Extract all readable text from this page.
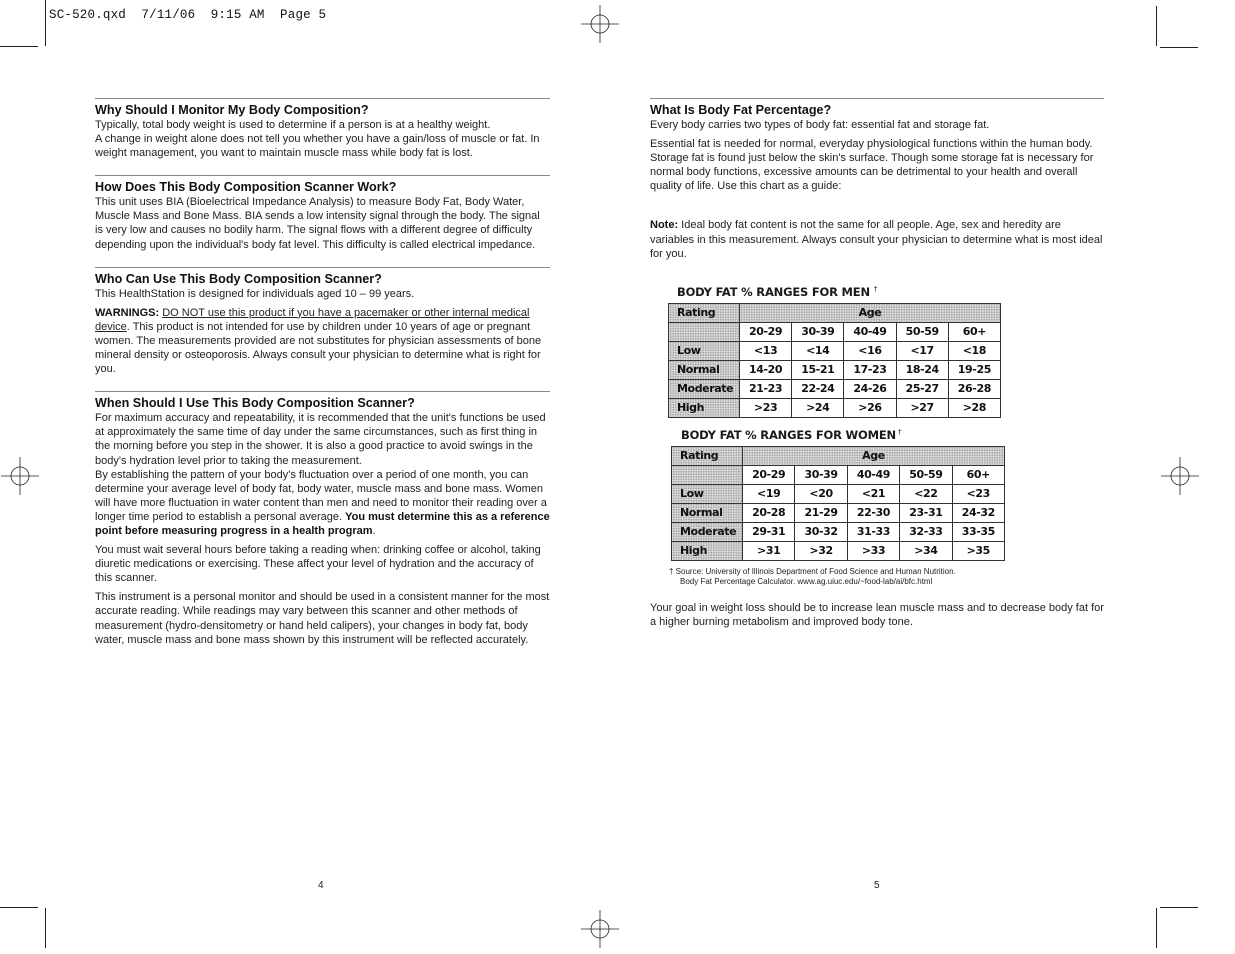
SC-520.qxd  7/11/06  9:15 AM  Page 5
Why Should I Monitor My Body Composition?

Typically, total body weight is used to determine if a person is at a healthy weight.
A change in weight alone does not tell you whether you have a gain/loss of muscle or fat. In weight management, you want to maintain muscle mass while body fat is lost.

How Does This Body Composition Scanner Work?

This unit uses BIA (Bioelectrical Impedance Analysis) to measure Body Fat, Body Water, Muscle Mass and Bone Mass. BIA sends a low intensity signal through the body. The signal is very low and causes no bodily harm. The signal flows with a different degree of difficulty depending upon the individual's body fat level. This difficulty is called electrical impedance.

Who Can Use This Body Composition Scanner?

This HealthStation is designed for individuals aged 10 – 99 years.

WARNINGS: DO NOT use this product if you have a pacemaker or other internal medical device. This product is not intended for use by children under 10 years of age or pregnant women. The measurements provided are not substitutes for physician assessments of bone mineral density or osteoporosis. Always consult your physician to determine what is right for you.

When Should I Use This Body Composition Scanner?

For maximum accuracy and repeatability, it is recommended that the unit's functions be used at approximately the same time of day under the same circumstances, such as first thing in the morning before you step in the shower. It is also a good practice to avoid swings in the body's hydration level prior to taking the measurement.
By establishing the pattern of your body's fluctuation over a period of one month, you can determine your average level of body fat, body water, muscle mass and bone mass. Women will have more fluctuation in water content than men and need to monitor their reading over a longer time period to establish a personal average. You must determine this as a reference point before measuring progress in a health program.

You must wait several hours before taking a reading when: drinking coffee or alcohol, taking diuretic medications or exercising. These affect your level of hydration and the accuracy of this scanner.

This instrument is a personal monitor and should be used in a consistent manner for the most accurate reading. While readings may vary between this scanner and other methods of measurement (hydro-densitometry or hand held calipers), your changes in body fat, body water, muscle mass and bone mass shown by this instrument will be reflected accurately.

4
What Is Body Fat Percentage?

Every body carries two types of body fat: essential fat and storage fat.

Essential fat is needed for normal, everyday physiological functions within the human body. Storage fat is found just below the skin's surface. Though some storage fat is necessary for normal body functions, excessive amounts can be detrimental to your health and overall quality of life. Use this chart as a guide:

Note: Ideal body fat content is not the same for all people. Age, sex and heredity are variables in this measurement. Always consult your physician to determine what is most ideal for you.

BODY FAT % RANGES FOR MEN †
Rating	Age				
	20-29	30-39	40-49	50-59	60+
Low	<13	<14	<16	<17	<18
Normal	14-20	15-21	17-23	18-24	19-25
Moderate	21-23	22-24	24-26	25-27	26-28
High	>23	>24	>26	>27	>28
BODY FAT % RANGES FOR WOMEN †
Rating	Age				
	20-29	30-39	40-49	50-59	60+
Low	<19	<20	<21	<22	<23
Normal	20-28	21-29	22-30	23-31	24-32
Moderate	29-31	30-32	31-33	32-33	33-35
High	>31	>32	>33	>34	>35
† Source: University of Illinois Department of Food Science and Human Nutrition.
Body Fat Percentage Calculator. www.ag.uiuc.edu/~food-lab/ai/bfc.html

Your goal in weight loss should be to increase lean muscle mass and to decrease body fat for a higher burning metabolism and improved body tone.

5
